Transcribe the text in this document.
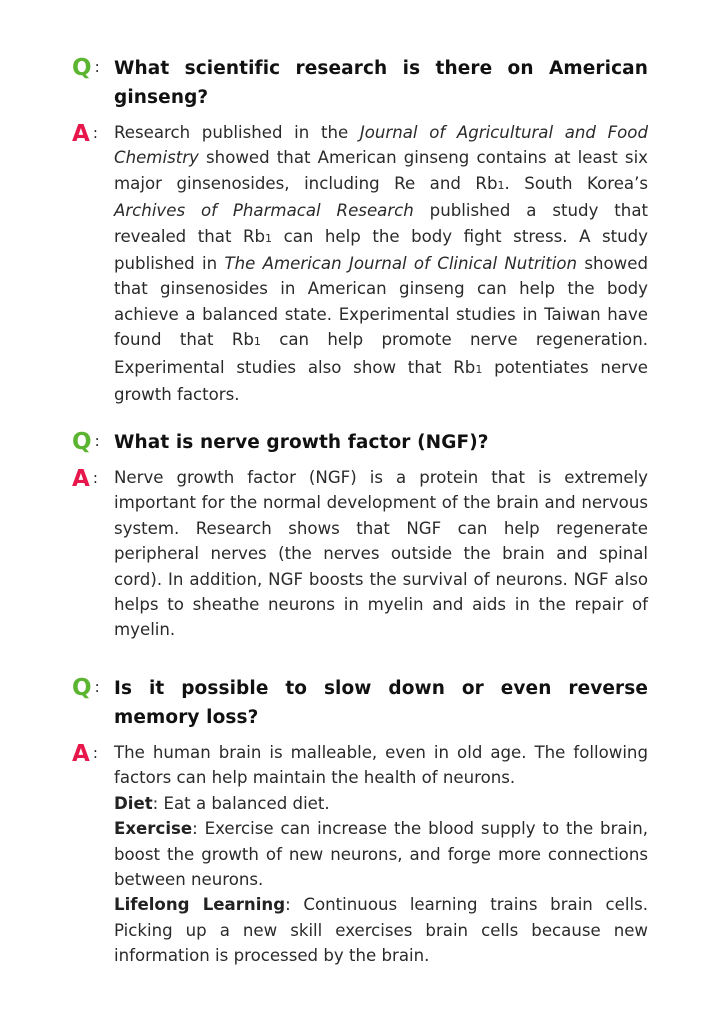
Q : What scientific research is there on American ginseng?
A : Research published in the Journal of Agricultural and Food Chemistry showed that American ginseng contains at least six major ginsenosides, including Re and Rb1. South Korea’s Archives of Pharmacal Research published a study that revealed that Rb1 can help the body fight stress. A study published in The American Journal of Clinical Nutrition showed that ginsenosides in American ginseng can help the body achieve a balanced state. Experimental studies in Taiwan have found that Rb1 can help promote nerve regeneration. Experimental studies also show that Rb1 potentiates nerve growth factors.

Q : What is nerve growth factor (NGF)?
A : Nerve growth factor (NGF) is a protein that is extremely important for the normal development of the brain and nervous system. Research shows that NGF can help regenerate peripheral nerves (the nerves outside the brain and spinal cord). In addition, NGF boosts the survival of neurons. NGF also helps to sheathe neurons in myelin and aids in the repair of myelin.

Q : Is it possible to slow down or even reverse memory loss?
A : The human brain is malleable, even in old age. The following factors can help maintain the health of neurons.

Diet: Eat a balanced diet.

Exercise: Exercise can increase the blood supply to the brain, boost the growth of new neurons, and forge more connections between neurons.

Lifelong Learning: Continuous learning trains brain cells. Picking up a new skill exercises brain cells because new information is processed by the brain.
